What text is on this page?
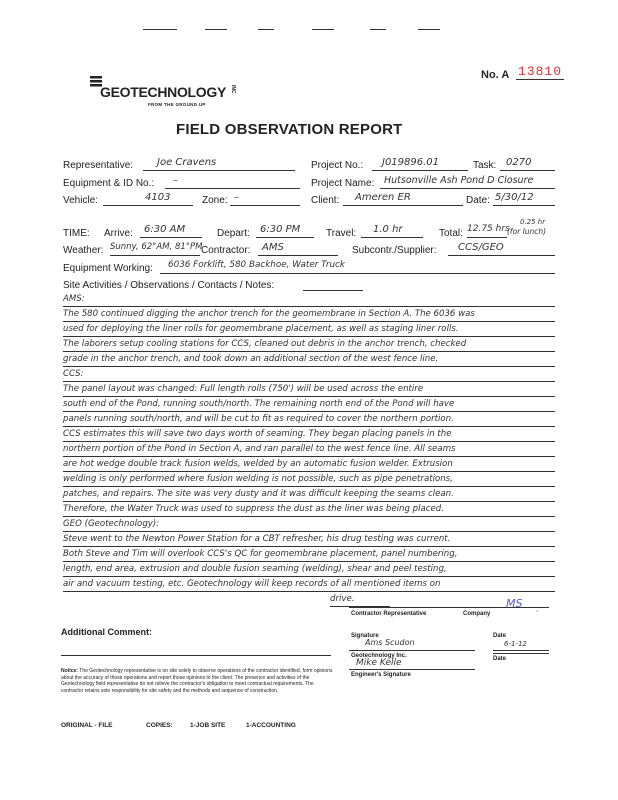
No. A 13810
GEOTECHNOLOGY INC
FROM THE GROUND UP
FIELD OBSERVATION REPORT
Representative:	Joe Cravens	Project No.:	J019896.01	Task: 0270
Equipment & ID No.:	–	Project Name:	Hutsonville Ash Pond D Closure
Vehicle:	4103	Zone: –	Client:	Ameren ER	Date: 5/30/12
TIME: Arrive:	6:30 AM	Depart:	6:30 PM	Travel:	1.0 hr	Total: 12.75 hrs
0.25 hr
(for lunch)
Weather: Sunny, 62°AM, 81°PM
Contractor:	AMS	Subcontr./Supplier:	CCS/GEO
Equipment Working:	6036 Forklift, 580 Backhoe, Water Truck
Site Activities / Observations / Contacts / Notes:
AMS:
The 580 continued digging the anchor trench for the geomembrane in Section A. The 6036 was
used for deploying the liner rolls for geomembrane placement, as well as staging liner rolls.
The laborers setup cooling stations for CCS, cleaned out debris in the anchor trench, checked
grade in the anchor trench, and took down an additional section of the west fence line.
CCS:
The panel layout was changed: Full length rolls (750') will be used across the entire
south end of the Pond, running south/north. The remaining north end of the Pond will have
panels running south/north, and will be cut to fit as required to cover the northern portion.
CCS estimates this will save two days worth of seaming. They began placing panels in the
northern portion of the Pond in Section A, and ran parallel to the west fence line. All seams
are hot wedge double track fusion welds, welded by an automatic fusion welder. Extrusion
welding is only performed where fusion welding is not possible, such as pipe penetrations,
patches, and repairs. The site was very dusty and it was difficult keeping the seams clean.
Therefore, the Water Truck was used to suppress the dust as the liner was being placed.
GEO (Geotechnology):
Steve went to the Newton Power Station for a CBT refresher, his drug testing was current.
Both Steve and Tim will overlook CCS's QC for geomembrane placement, panel numbering,
length, end area, extrusion and double fusion seaming (welding), shear and peel testing,
air and vacuum testing, etc. Geotechnology will keep records of all mentioned items on
drive.
Additional Comment:
Notice: The Geotechnology representative is on site solely to observe operations of the contractor identified, form opinions about the accuracy of those operations and report those opinions to the client. The presence and activities of the Geotechnology field representative do not relieve the contractor's obligation to meet contractual requirements. The contractor retains sole responsibility for site safety and the methods and sequence of construction.
Contractor Representative	Company
MS
ˇ
Signature
Ams Scudon
Date
6-1-12
Geotechnology Inc.
Mike Kelle
Engineer's Signature
Date
ORIGINAL - FILE	COPIES:	1-JOB SITE	1-ACCOUNTING
